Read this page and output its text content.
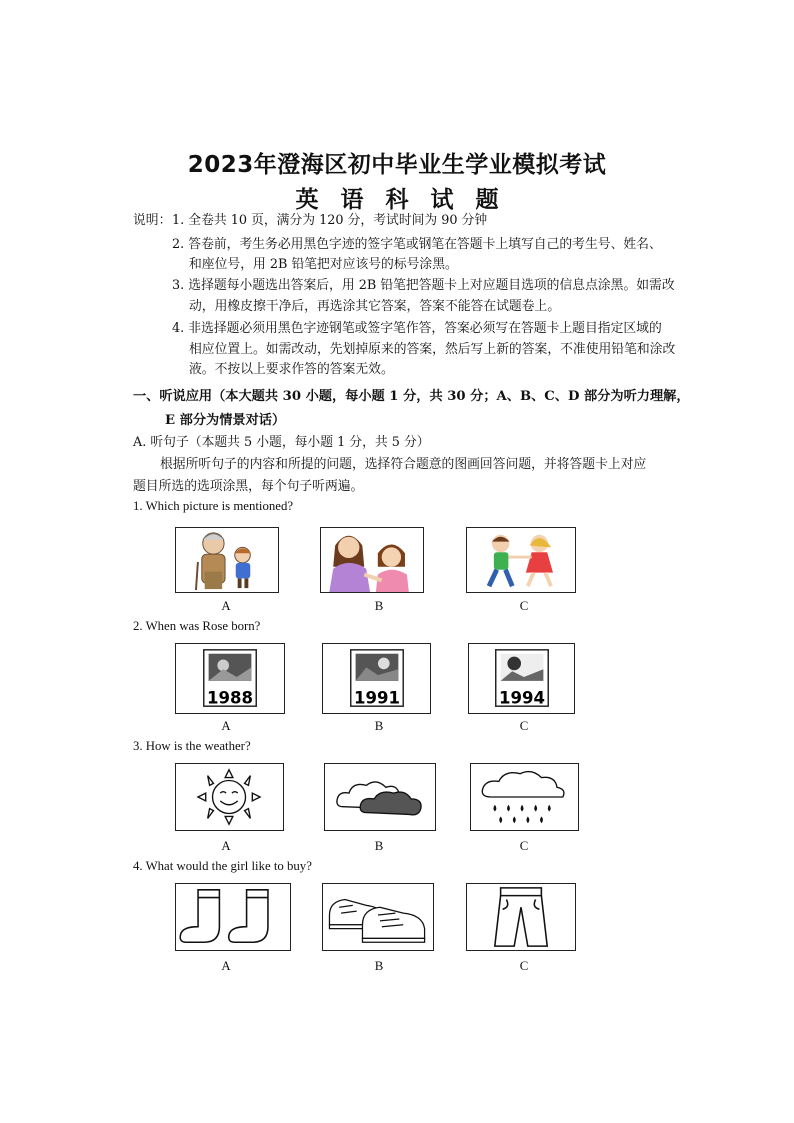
2023年澄海区初中毕业生学业模拟考试
英语科试题
说明： 1. 全卷共 10 页，满分为 120 分，考试时间为 90 分钟
2. 答卷前，考生务必用黑色字迹的签字笔或钢笔在答题卡上填写自己的考生号、姓名、
和座位号，用 2B 铅笔把对应该号的标号涂黑。
3. 选择题每小题选出答案后，用 2B 铅笔把答题卡上对应题目选项的信息点涂黑。如需改
动，用橡皮擦干净后，再选涂其它答案，答案不能答在试题卷上。
4. 非选择题必须用黑色字迹钢笔或签字笔作答，答案必须写在答题卡上题目指定区域的
相应位置上。如需改动，先划掉原来的答案，然后写上新的答案，不准使用铅笔和涂改
液。不按以上要求作答的答案无效。
一、听说应用（本大题共 30 小题，每小题 1 分，共 30 分；A、B、C、D 部分为听力理解，
E 部分为情景对话）
A. 听句子（本题共 5 小题，每小题 1 分，共 5 分）
根据所听句子的内容和所提的问题，选择符合题意的图画回答问题，并将答题卡上对应
题目所选的选项涂黑，每个句子听两遍。
1. Which picture is mentioned?
A	B	C
2. When was Rose born?
1988	1991	1994
A	B	C
3. How is the weather?
A	B	C
4. What would the girl like to buy?
A	B	C
